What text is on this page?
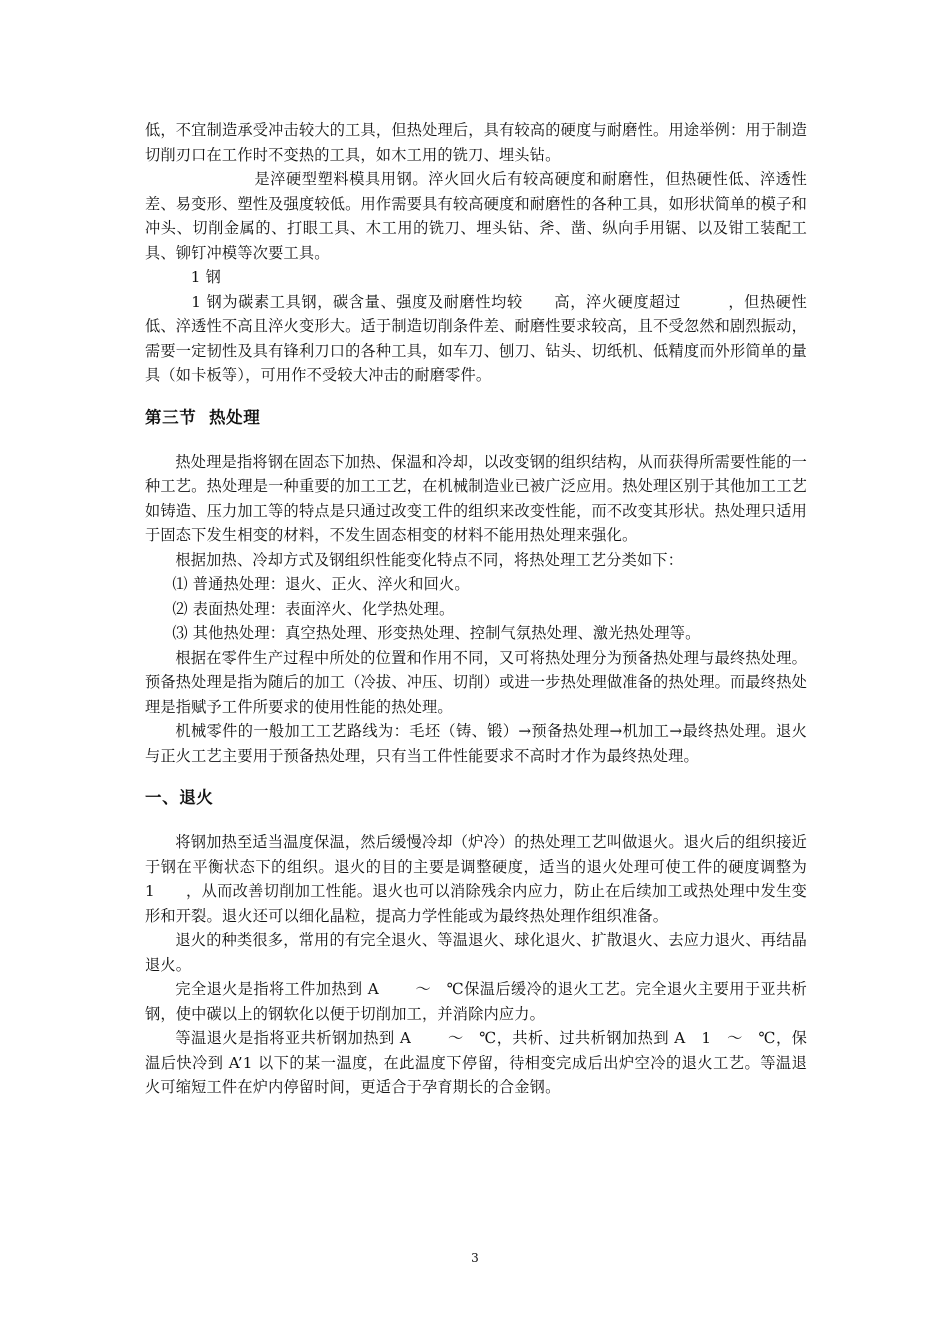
低，不宜制造承受冲击较大的工具，但热处理后，具有较高的硬度与耐磨性。用途举例：用于制造切削刃口在工作时不变热的工具，如木工用的铣刀、埋头钻。

　　　　　是淬硬型塑料模具用钢。淬火回火后有较高硬度和耐磨性，但热硬性低、淬透性差、易变形、塑性及强度较低。用作需要具有较高硬度和耐磨性的各种工具，如形状简单的模子和冲头、切削金属的、打眼工具、木工用的铣刀、埋头钻、斧、凿、纵向手用锯、以及钳工装配工具、铆钉冲模等次要工具。

　1 钢

　1 钢为碳素工具钢，碳含量、强度及耐磨性均较　　高，淬火硬度超过　　　，但热硬性低、淬透性不高且淬火变形大。适于制造切削条件差、耐磨性要求较高，且不受忽然和剧烈振动，需要一定韧性及具有锋利刀口的各种工具，如车刀、刨刀、钻头、切纸机、低精度而外形简单的量具（如卡板等），可用作不受较大冲击的耐磨零件。

第三节  热处理

热处理是指将钢在固态下加热、保温和冷却，以改变钢的组织结构，从而获得所需要性能的一种工艺。热处理是一种重要的加工工艺，在机械制造业已被广泛应用。热处理区别于其他加工工艺如铸造、压力加工等的特点是只通过改变工件的组织来改变性能，而不改变其形状。热处理只适用于固态下发生相变的材料，不发生固态相变的材料不能用热处理来强化。

根据加热、冷却方式及钢组织性能变化特点不同，将热处理工艺分类如下：

⑴ 普通热处理：退火、正火、淬火和回火。

⑵ 表面热处理：表面淬火、化学热处理。

⑶ 其他热处理：真空热处理、形变热处理、控制气氛热处理、激光热处理等。

根据在零件生产过程中所处的位置和作用不同，又可将热处理分为预备热处理与最终热处理。预备热处理是指为随后的加工（冷拔、冲压、切削）或进一步热处理做准备的热处理。而最终热处理是指赋予工件所要求的使用性能的热处理。

机械零件的一般加工工艺路线为：毛坯（铸、锻）→预备热处理→机加工→最终热处理。退火与正火工艺主要用于预备热处理，只有当工件性能要求不高时才作为最终热处理。

一、退火

将钢加热至适当温度保温，然后缓慢冷却（炉冷）的热处理工艺叫做退火。退火后的组织接近于钢在平衡状态下的组织。退火的目的主要是调整硬度，适当的退火处理可使工件的硬度调整为　　1　　，从而改善切削加工性能。退火也可以消除残余内应力，防止在后续加工或热处理中发生变形和开裂。退火还可以细化晶粒，提高力学性能或为最终热处理作组织准备。

退火的种类很多，常用的有完全退火、等温退火、球化退火、扩散退火、去应力退火、再结晶退火。

完全退火是指将工件加热到 A　　 ～　℃保温后缓冷的退火工艺。完全退火主要用于亚共析钢，使中碳以上的钢软化以便于切削加工，并消除内应力。

等温退火是指将亚共析钢加热到 A　　 ～　℃，共析、过共析钢加热到 A　1　～　℃，保温后快冷到 A’1 以下的某一温度，在此温度下停留，待相变完成后出炉空冷的退火工艺。等温退火可缩短工件在炉内停留时间，更适合于孕育期长的合金钢。

3
